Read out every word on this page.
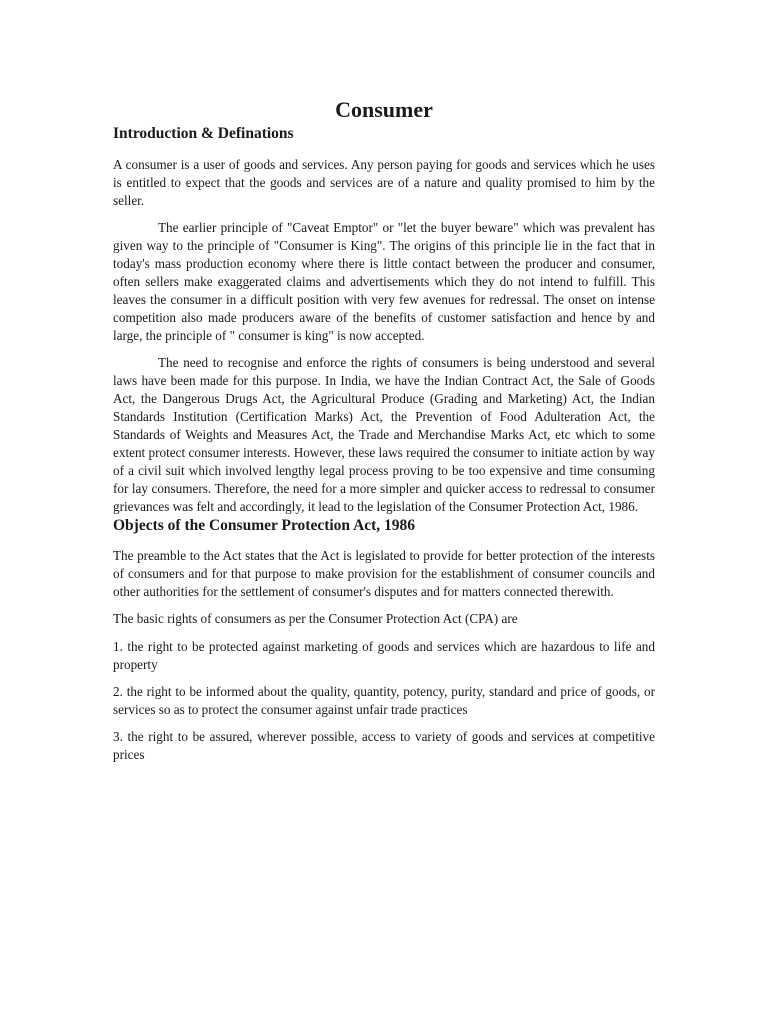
Consumer
Introduction & Definations

A consumer is a user of goods and services. Any person paying for goods and services which he uses is entitled to expect that the goods and services are of a nature and quality promised to him by the seller.

The earlier principle of "Caveat Emptor" or "let the buyer beware" which was prevalent has given way to the principle of "Consumer is King". The origins of this principle lie in the fact that in today's mass production economy where there is little contact between the producer and consumer, often sellers make exaggerated claims and advertisements which they do not intend to fulfill. This leaves the consumer in a difficult position with very few avenues for redressal. The onset on intense competition also made producers aware of the benefits of customer satisfaction and hence by and large, the principle of " consumer is king" is now accepted.

The need to recognise and enforce the rights of consumers is being understood and several laws have been made for this purpose. In India, we have the Indian Contract Act, the Sale of Goods Act, the Dangerous Drugs Act, the Agricultural Produce (Grading and Marketing) Act, the Indian Standards Institution (Certification Marks) Act, the Prevention of Food Adulteration Act, the Standards of Weights and Measures Act, the Trade and Merchandise Marks Act, etc which to some extent protect consumer interests. However, these laws required the consumer to initiate action by way of a civil suit which involved lengthy legal process proving to be too expensive and time consuming for lay consumers. Therefore, the need for a more simpler and quicker access to redressal to consumer grievances was felt and accordingly, it lead to the legislation of the Consumer Protection Act, 1986.

Objects of the Consumer Protection Act, 1986

The preamble to the Act states that the Act is legislated to provide for better protection of the interests of consumers and for that purpose to make provision for the establishment of consumer councils and other authorities for the settlement of consumer's disputes and for matters connected therewith.

The basic rights of consumers as per the Consumer Protection Act (CPA) are

1. the right to be protected against marketing of goods and services which are hazardous to life and property

2. the right to be informed about the quality, quantity, potency, purity, standard and price of goods, or services so as to protect the consumer against unfair trade practices

3. the right to be assured, wherever possible, access to variety of goods and services at competitive prices
